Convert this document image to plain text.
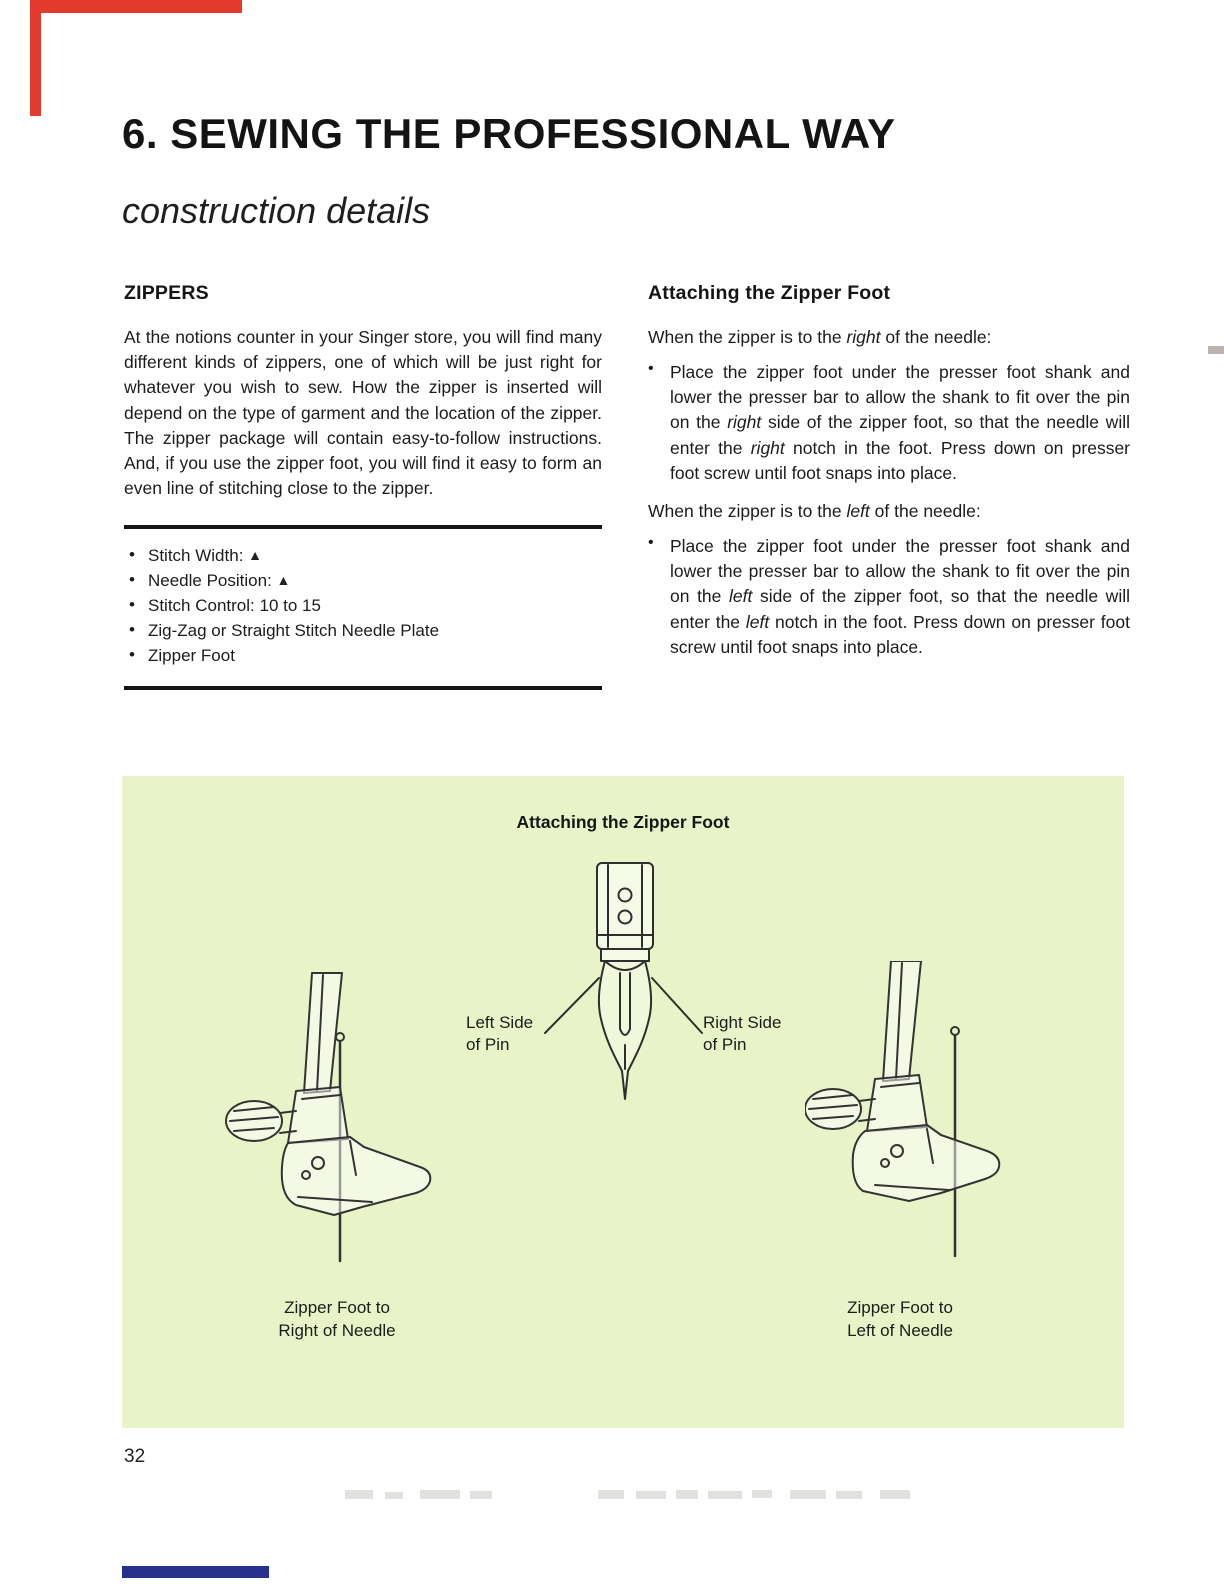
6. SEWING THE PROFESSIONAL WAY
construction details
ZIPPERS

At the notions counter in your Singer store, you will find many different kinds of zippers, one of which will be just right for whatever you wish to sew. How the zipper is inserted will depend on the type of garment and the location of the zipper. The zipper package will contain easy-to-follow instructions. And, if you use the zipper foot, you will find it easy to form an even line of stitching close to the zipper.

• Stitch Width: ▲
• Needle Position: ▲
• Stitch Control: 10 to 15
• Zig-Zag or Straight Stitch Needle Plate
• Zipper Foot
Attaching the Zipper Foot

When the zipper is to the right of the needle:

•
Place the zipper foot under the presser foot shank and lower the presser bar to allow the shank to fit over the pin on the right side of the zipper foot, so that the needle will enter the right notch in the foot. Press down on presser foot screw until foot snaps into place.

When the zipper is to the left of the needle:

•
Place the zipper foot under the presser foot shank and lower the presser bar to allow the shank to fit over the pin on the left side of the zipper foot, so that the needle will enter the left notch in the foot. Press down on presser foot screw until foot snaps into place.
Attaching the Zipper Foot
Left Side
of Pin
Right Side
of Pin
Zipper Foot to
Right of Needle
Zipper Foot to
Left of Needle
32
